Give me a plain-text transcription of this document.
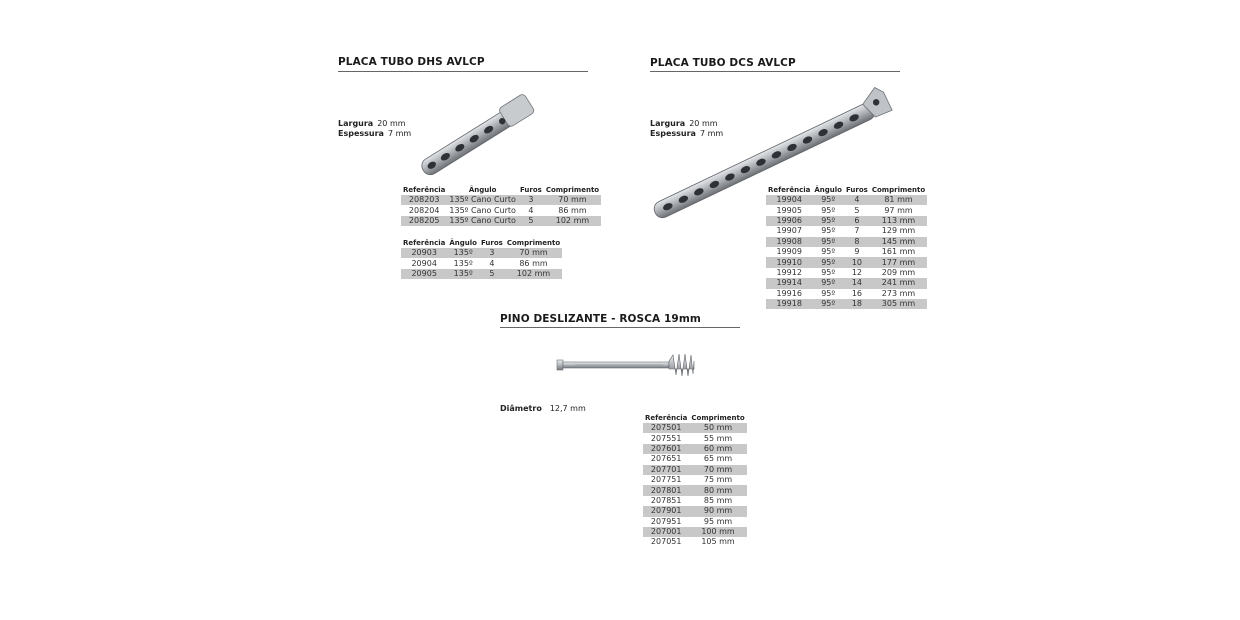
PLACA TUBO DHS AVLCP
Largura 20 mm
Espessura 7 mm
Referência	Ângulo	Furos	Comprimento
208203	135º Cano Curto	3	70 mm
208204	135º Cano Curto	4	86 mm
208205	135º Cano Curto	5	102 mm
Referência	Ângulo	Furos	Comprimento
20903	135º	3	70 mm
20904	135º	4	86 mm
20905	135º	5	102 mm
PLACA TUBO DCS AVLCP
Largura 20 mm
Espessura 7 mm
Referência	Ângulo	Furos	Comprimento
19904	95º	4	81 mm
19905	95º	5	97 mm
19906	95º	6	113 mm
19907	95º	7	129 mm
19908	95º	8	145 mm
19909	95º	9	161 mm
19910	95º	10	177 mm
19912	95º	12	209 mm
19914	95º	14	241 mm
19916	95º	16	273 mm
19918	95º	18	305 mm
PINO DESLIZANTE - ROSCA 19mm
Diâmetro 12,7 mm
Referência	Comprimento
207501	50 mm
207551	55 mm
207601	60 mm
207651	65 mm
207701	70 mm
207751	75 mm
207801	80 mm
207851	85 mm
207901	90 mm
207951	95 mm
207001	100 mm
207051	105 mm
